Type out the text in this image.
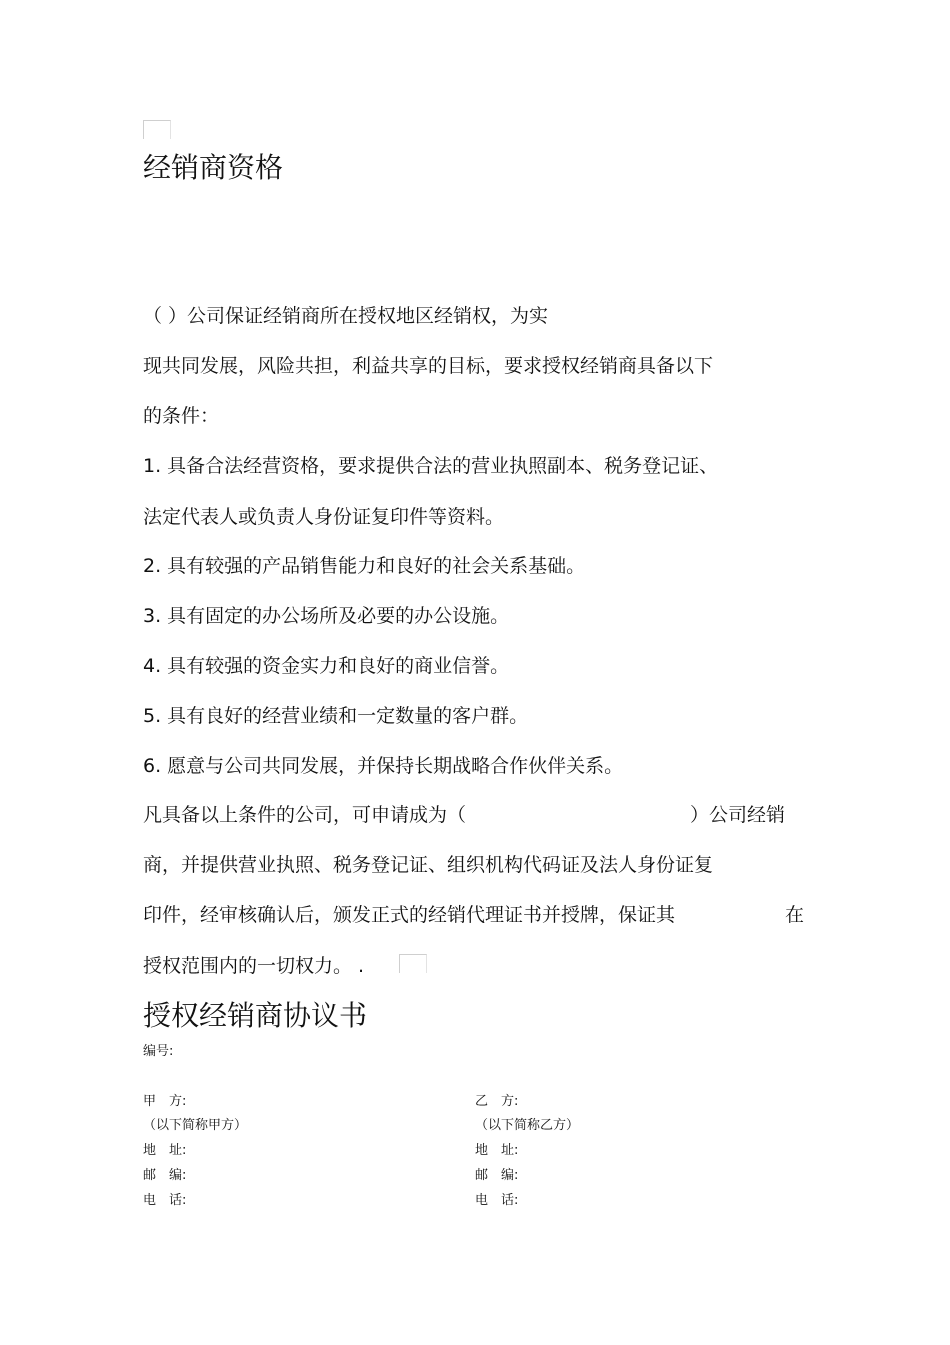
经销商资格
（ ）公司保证经销商所在授权地区经销权，为实
现共同发展，风险共担，利益共享的目标，要求授权经销商具备以下
的条件：
1. 具备合法经营资格，要求提供合法的营业执照副本、税务登记证、
法定代表人或负责人身份证复印件等资料。
2. 具有较强的产品销售能力和良好的社会关系基础。
3. 具有固定的办公场所及必要的办公设施。
4. 具有较强的资金实力和良好的商业信誉。
5. 具有良好的经营业绩和一定数量的客户群。
6. 愿意与公司共同发展，并保持长期战略合作伙伴关系。
凡具备以上条件的公司，可申请成为（	）公司经销
商，并提供营业执照、税务登记证、组织机构代码证及法人身份证复
印件，经审核确认后，颁发正式的经销代理证书并授牌，保证其	在
授权范围内的一切权力。 .
授权经销商协议书
编号:
甲　方:
（以下简称甲方）
地　址:
邮　编:
电　话:
乙　方:
（以下简称乙方）
地　址:
邮　编:
电　话:
